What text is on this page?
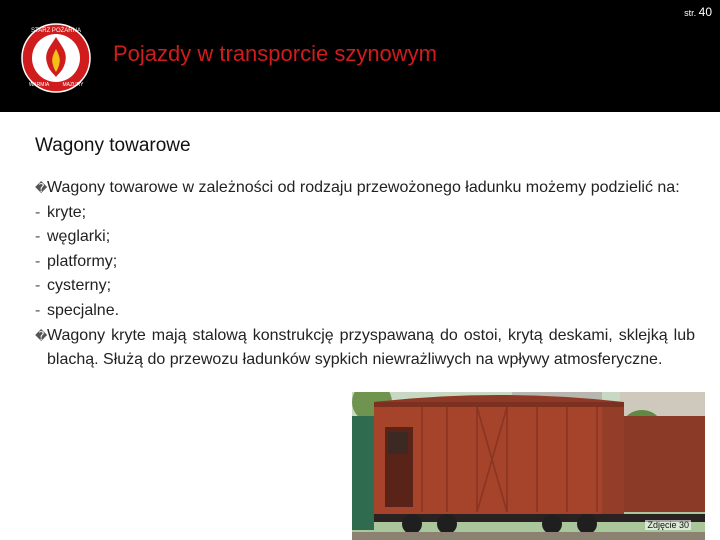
STARZ POŻARNA
WARMIA	MAZURY
Pojazdy w transporcie szynowym
str. 40
Wagony towarowe
�Wagony towarowe w zależności od rodzaju przewożonego ładunku możemy podzielić na:
- kryte;
- węglarki;
- platformy;
- cysterny;
- specjalne.
�Wagony kryte mają stalową konstrukcję przyspawaną do ostoi, krytą deskami, sklejką lub blachą. Służą do przewozu ładunków sypkich niewrażliwych na wpływy atmosferyczne.
Zdjęcie 30
